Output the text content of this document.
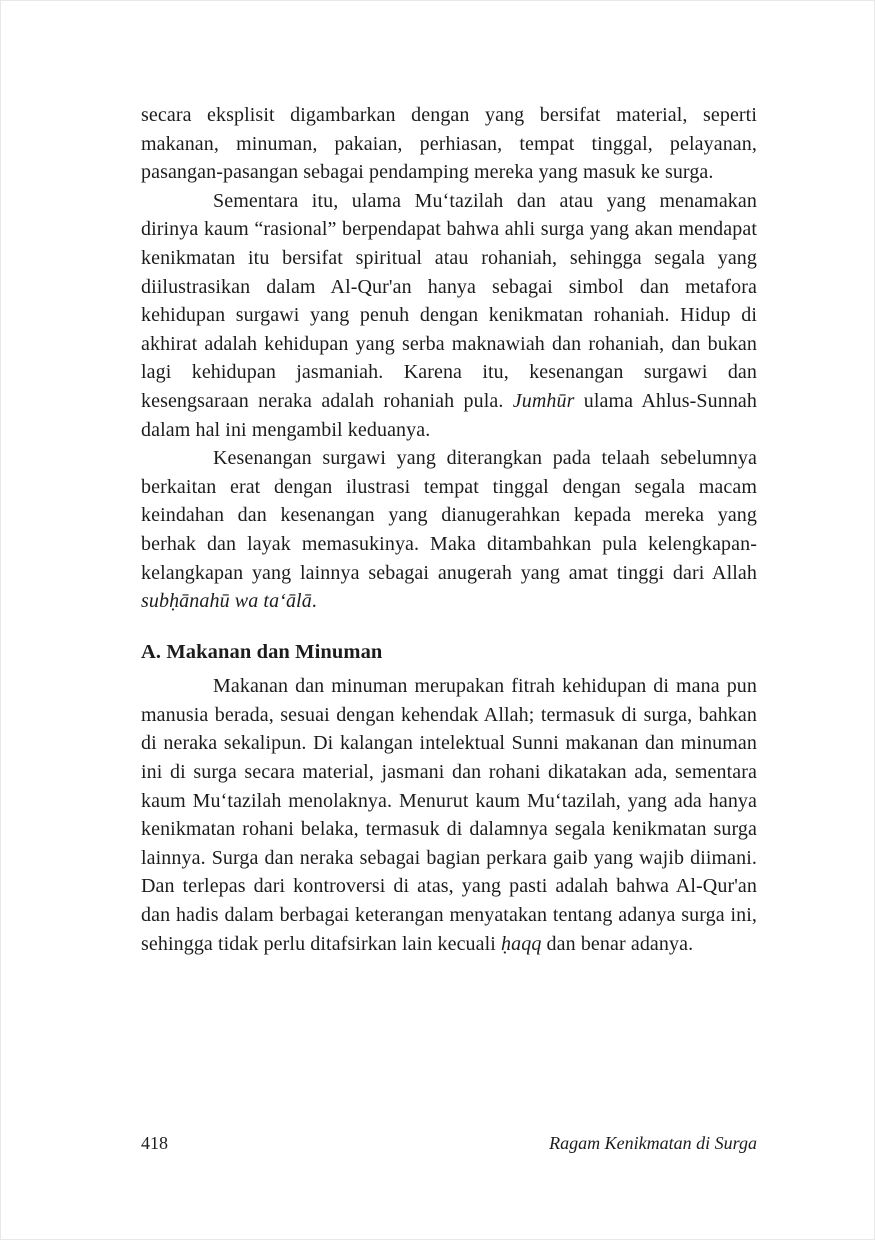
secara eksplisit digambarkan dengan yang bersifat material, seperti makanan, minuman, pakaian, perhiasan, tempat tinggal, pelayanan, pasangan-pasangan sebagai pendamping mereka yang masuk ke surga.

Sementara itu, ulama Mu‘tazilah dan atau yang menamakan dirinya kaum “rasional” berpendapat bahwa ahli surga yang akan mendapat kenikmatan itu bersifat spiritual atau rohaniah, sehingga segala yang diilustrasikan dalam Al-Qur'an hanya sebagai simbol dan metafora kehidupan surgawi yang penuh dengan kenikmatan rohaniah. Hidup di akhirat adalah kehidupan yang serba maknawiah dan rohaniah, dan bukan lagi kehidupan jasmaniah. Karena itu, kesenangan surgawi dan kesengsaraan neraka adalah rohaniah pula. Jumhūr ulama Ahlus-Sunnah dalam hal ini mengambil keduanya.

Kesenangan surgawi yang diterangkan pada telaah sebelumnya berkaitan erat dengan ilustrasi tempat tinggal dengan segala macam keindahan dan kesenangan yang dianugerahkan kepada mereka yang berhak dan layak memasukinya. Maka ditambahkan pula kelengkapan-kelangkapan yang lainnya sebagai anugerah yang amat tinggi dari Allah subḥānahū wa ta‘ālā.

A. Makanan dan Minuman

Makanan dan minuman merupakan fitrah kehidupan di mana pun manusia berada, sesuai dengan kehendak Allah; termasuk di surga, bahkan di neraka sekalipun. Di kalangan intelektual Sunni makanan dan minuman ini di surga secara material, jasmani dan rohani dikatakan ada, sementara kaum Mu‘tazilah menolaknya. Menurut kaum Mu‘tazilah, yang ada hanya kenikmatan rohani belaka, termasuk di dalamnya segala kenikmatan surga lainnya. Surga dan neraka sebagai bagian perkara gaib yang wajib diimani. Dan terlepas dari kontroversi di atas, yang pasti adalah bahwa Al-Qur'an dan hadis dalam berbagai keterangan menyatakan tentang adanya surga ini, sehingga tidak perlu ditafsirkan lain kecuali ḥaqq dan benar adanya.

418	Ragam Kenikmatan di Surga
